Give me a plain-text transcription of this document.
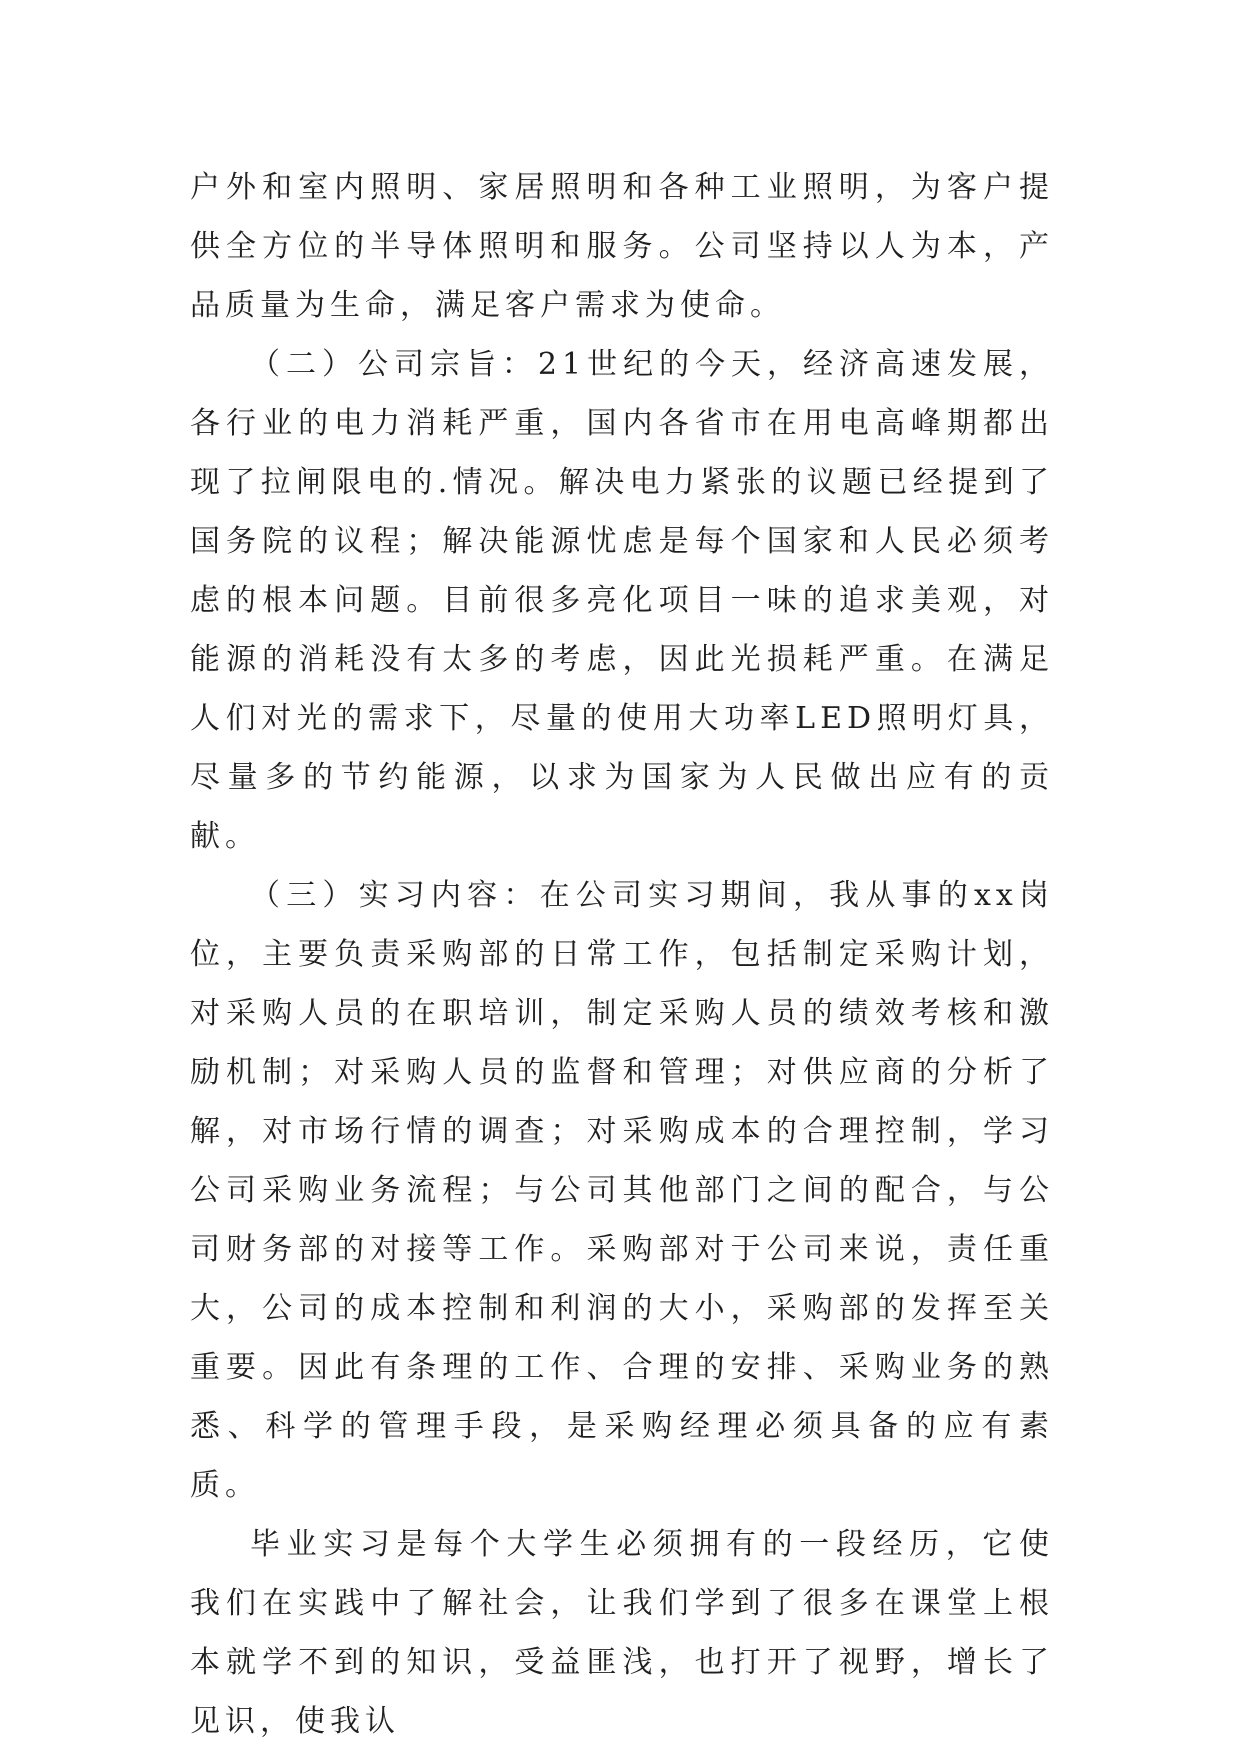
户外和室内照明、家居照明和各种工业照明，为客户提供全方位的半导体照明和服务。公司坚持以人为本，产品质量为生命，满足客户需求为使命。

（二）公司宗旨：21世纪的今天，经济高速发展，各行业的电力消耗严重，国内各省市在用电高峰期都出现了拉闸限电的.情况。解决电力紧张的议题已经提到了国务院的议程；解决能源忧虑是每个国家和人民必须考虑的根本问题。目前很多亮化项目一味的追求美观，对能源的消耗没有太多的考虑，因此光损耗严重。在满足人们对光的需求下，尽量的使用大功率LED照明灯具，尽量多的节约能源，以求为国家为人民做出应有的贡献。

（三）实习内容：在公司实习期间，我从事的xx岗位，主要负责采购部的日常工作，包括制定采购计划，对采购人员的在职培训，制定采购人员的绩效考核和激励机制；对采购人员的监督和管理；对供应商的分析了解，对市场行情的调查；对采购成本的合理控制，学习公司采购业务流程；与公司其他部门之间的配合，与公司财务部的对接等工作。采购部对于公司来说，责任重大，公司的成本控制和利润的大小，采购部的发挥至关重要。因此有条理的工作、合理的安排、采购业务的熟悉、科学的管理手段，是采购经理必须具备的应有素质。

毕业实习是每个大学生必须拥有的一段经历，它使我们在实践中了解社会，让我们学到了很多在课堂上根本就学不到的知识，受益匪浅，也打开了视野，增长了见识，使我认
